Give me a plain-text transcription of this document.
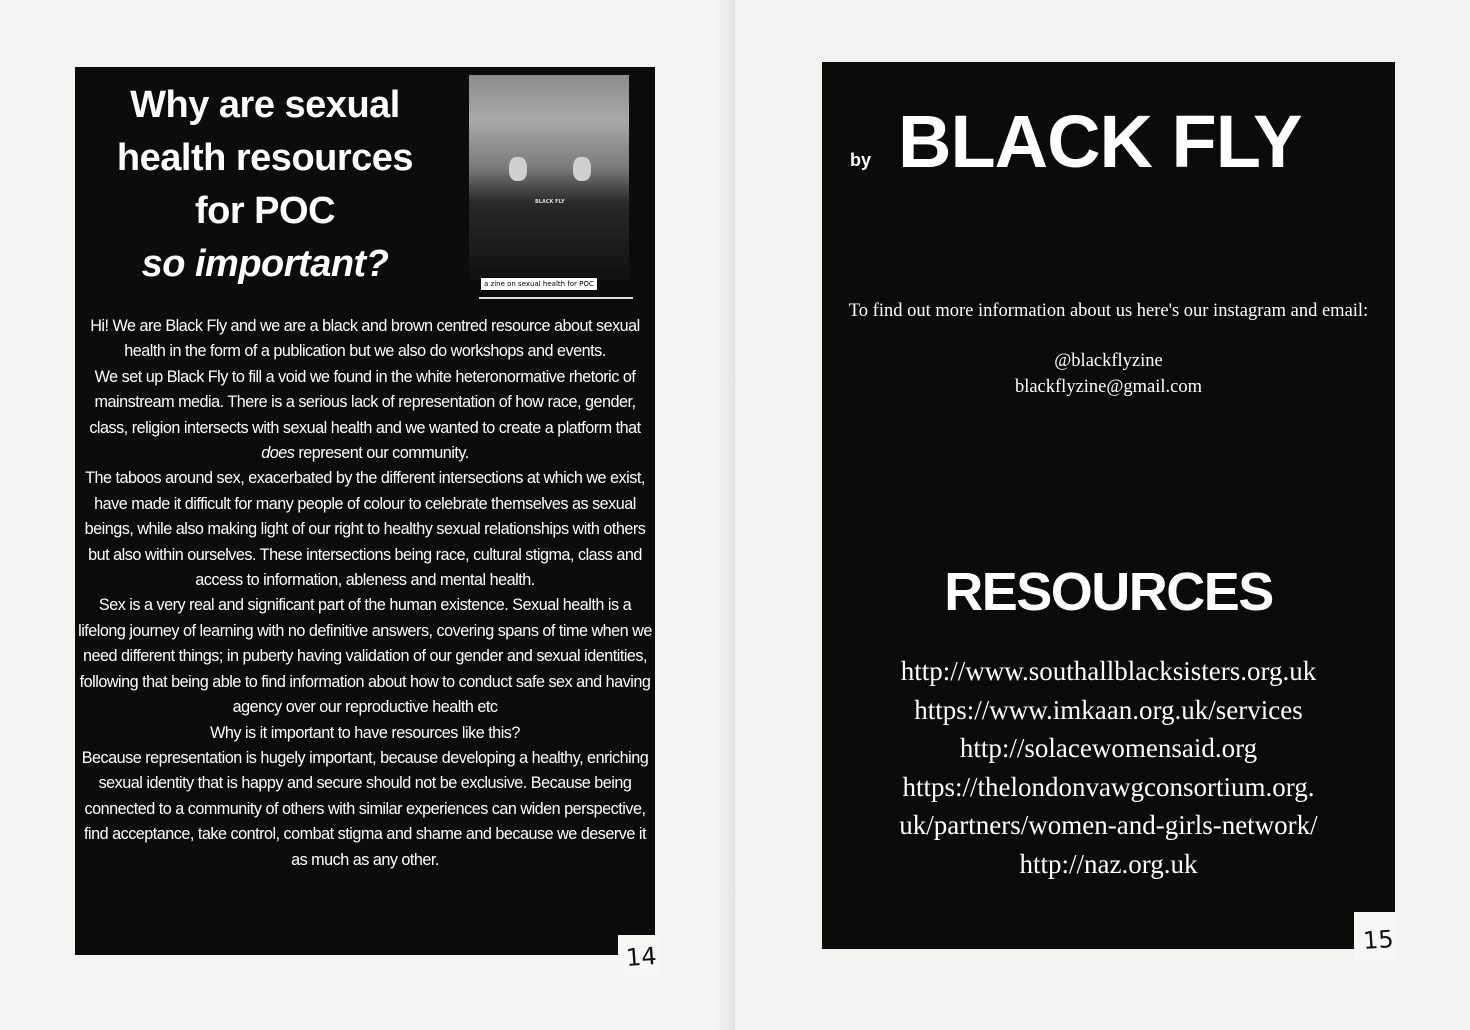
Why are sexual
health resources
for POC
so important?
BLACK FLY
a zine on sexual health for POC

Hi! We are Black Fly and we are a black and brown centred resource about sexual health in the form of a publication but we also do workshops and events.

We set up Black Fly to fill a void we found in the white heteronormative rhetoric of mainstream media. There is a serious lack of representation of how race, gender, class, religion intersects with sexual health and we wanted to create a platform that does represent our community.

The taboos around sex, exacerbated by the different intersections at which we exist, have made it difficult for many people of colour to celebrate themselves as sexual beings, while also making light of our right to healthy sexual relationships with others but also within ourselves. These intersections being race, cultural stigma, class and access to information, ableness and mental health.

Sex is a very real and significant part of the human existence. Sexual health is a lifelong journey of learning with no definitive answers, covering spans of time when we need different things; in puberty having validation of our gender and sexual identities, following that being able to find information about how to conduct safe sex and having agency over our reproductive health etc

Why is it important to have resources like this?

Because representation is hugely important, because developing a healthy, enriching sexual identity that is happy and secure should not be exclusive. Because being connected to a community of others with similar experiences can widen perspective, find acceptance, take control, combat stigma and shame and because we deserve it as much as any other.

14
by BLACK FLY

To find out more information about us here's our instagram and email:

@blackflyzine

blackflyzine@gmail.com

RESOURCES
http://www.southallblacksisters.org.uk
https://www.imkaan.org.uk/services
http://solacewomensaid.org
https://thelondonvawgconsortium.org.
uk/partners/women-and-girls-network/
http://naz.org.uk
15
